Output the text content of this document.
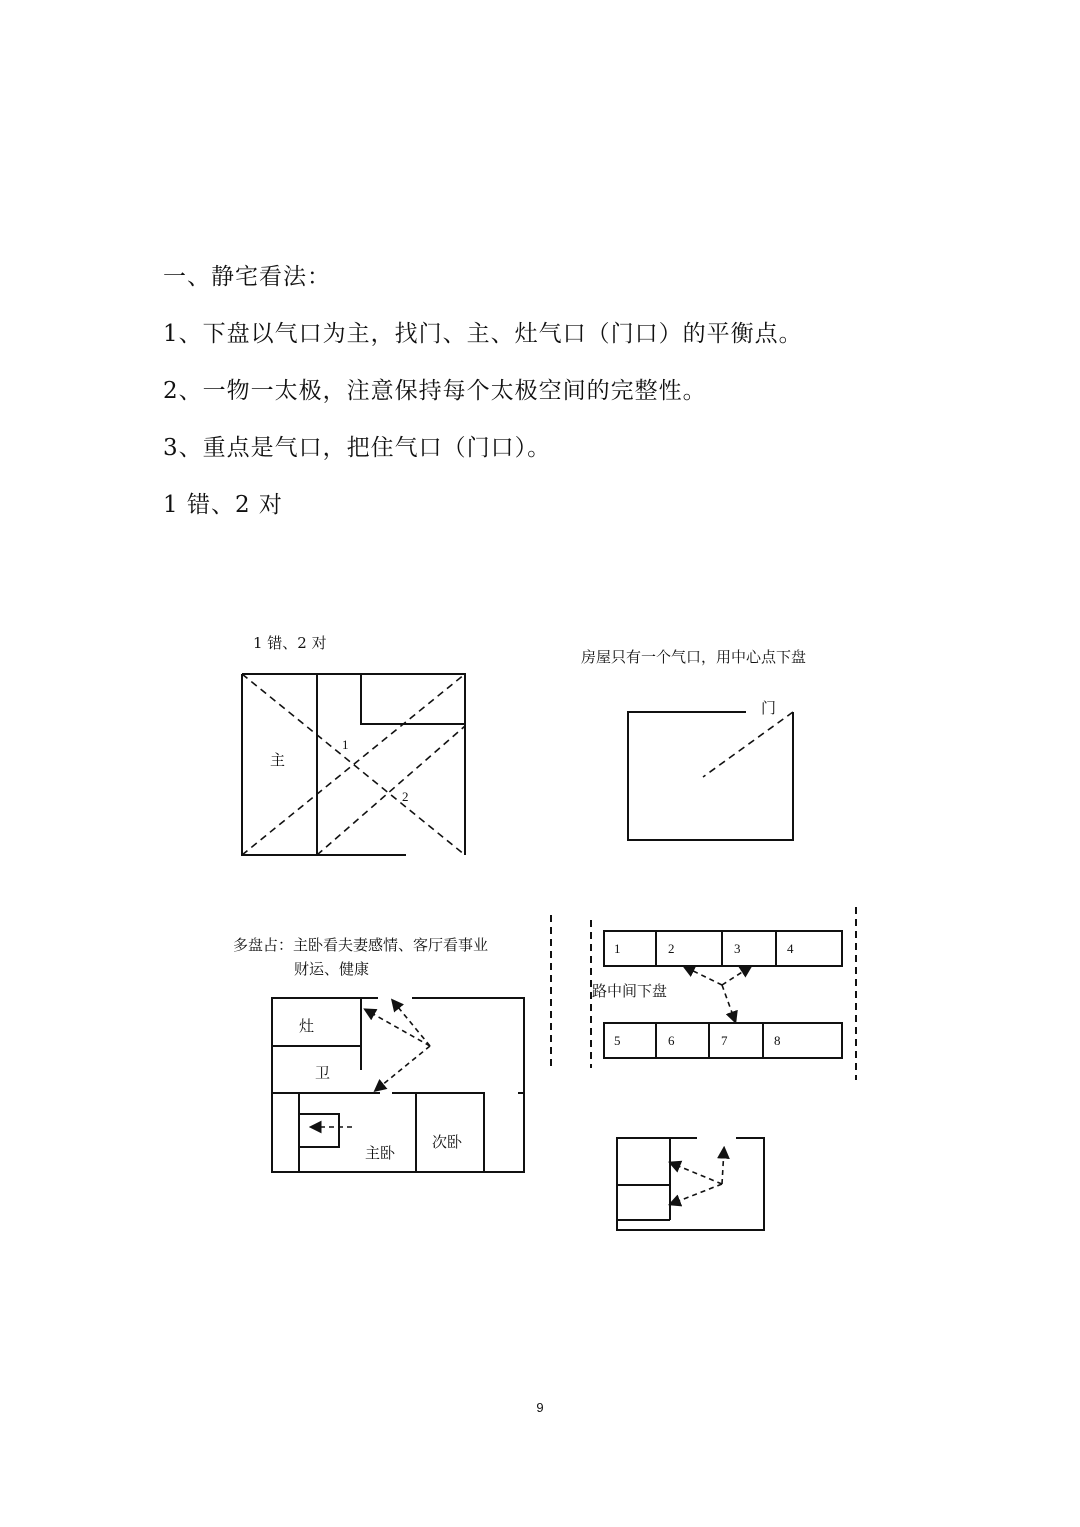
一、静宅看法：
1、下盘以气口为主，找门、主、灶气口（门口）的平衡点。
2、一物一太极，注意保持每个太极空间的完整性。
3、重点是气口，把住气口（门口）。
1 错、2 对
1 错、2 对
主
1
2
房屋只有一个气口，用中心点下盘
门
多盘占：主卧看夫妻感情、客厅看事业
财运、健康
灶
卫
主卧
次卧
1	2	3	4
路中间下盘
5	6	7	8
9
